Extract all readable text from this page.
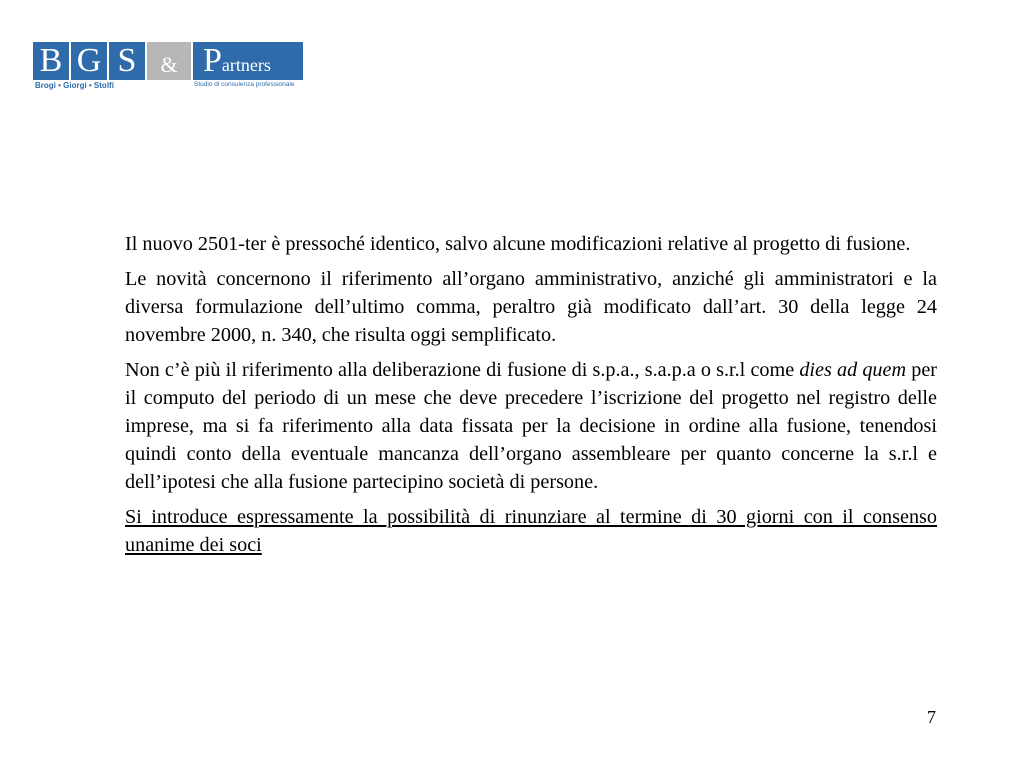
B G S	& Partners
Brogi • Giorgi • Stolfi	Studio di consulenza professionale

Il nuovo 2501-ter è pressoché identico, salvo alcune modificazioni relative al progetto di fusione.

Le novità concernono il riferimento all’organo amministrativo, anziché gli amministratori e la diversa formulazione dell’ultimo comma, peraltro già modificato dall’art. 30 della legge 24 novembre 2000, n. 340, che risulta oggi semplificato.

Non c’è più il riferimento alla deliberazione di fusione di s.p.a., s.a.p.a o s.r.l come dies ad quem per il computo del periodo di un mese che deve precedere l’iscrizione del progetto nel registro delle imprese, ma si fa riferimento alla data fissata per la decisione in ordine alla fusione, tenendosi quindi conto della eventuale mancanza dell’organo assembleare per quanto concerne la s.r.l e dell’ipotesi che alla fusione partecipino società di persone.

Si introduce espressamente la possibilità di rinunziare al termine di 30 giorni con il consenso unanime dei soci

7
